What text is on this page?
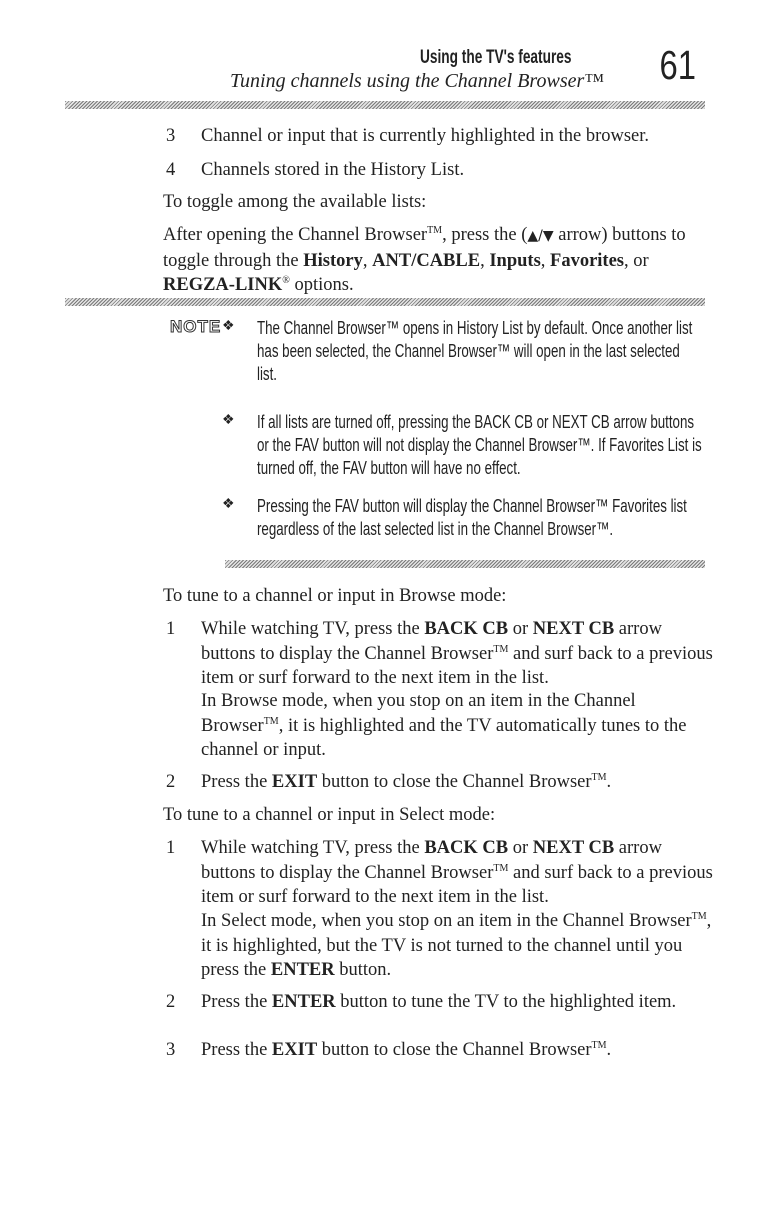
Using the TV's features 61
Tuning channels using the Channel Browser™
3 Channel or input that is currently highlighted in the browser.
4 Channels stored in the History List.
To toggle among the available lists:
After opening the Channel Browser™, press the (▲/▼ arrow) buttons to toggle through the History, ANT/CABLE, Inputs, Favorites, or REGZA-LINK® options.
NOTE ❖ The Channel Browser™ opens in History List by default. Once another list has been selected, the Channel Browser™ will open in the last selected list.
❖ If all lists are turned off, pressing the BACK CB or NEXT CB arrow buttons or the FAV button will not display the Channel Browser™. If Favorites List is turned off, the FAV button will have no effect.
❖ Pressing the FAV button will display the Channel Browser™ Favorites list regardless of the last selected list in the Channel Browser™.
To tune to a channel or input in Browse mode:
1 While watching TV, press the BACK CB or NEXT CB arrow buttons to display the Channel Browser™ and surf back to a previous item or surf forward to the next item in the list.
In Browse mode, when you stop on an item in the Channel Browser™, it is highlighted and the TV automatically tunes to the channel or input.
2 Press the EXIT button to close the Channel Browser™.
To tune to a channel or input in Select mode:
1 While watching TV, press the BACK CB or NEXT CB arrow buttons to display the Channel Browser™ and surf back to a previous item or surf forward to the next item in the list.
In Select mode, when you stop on an item in the Channel Browser™, it is highlighted, but the TV is not turned to the channel until you press the ENTER button.
2 Press the ENTER button to tune the TV to the highlighted item.
3 Press the EXIT button to close the Channel Browser™.
